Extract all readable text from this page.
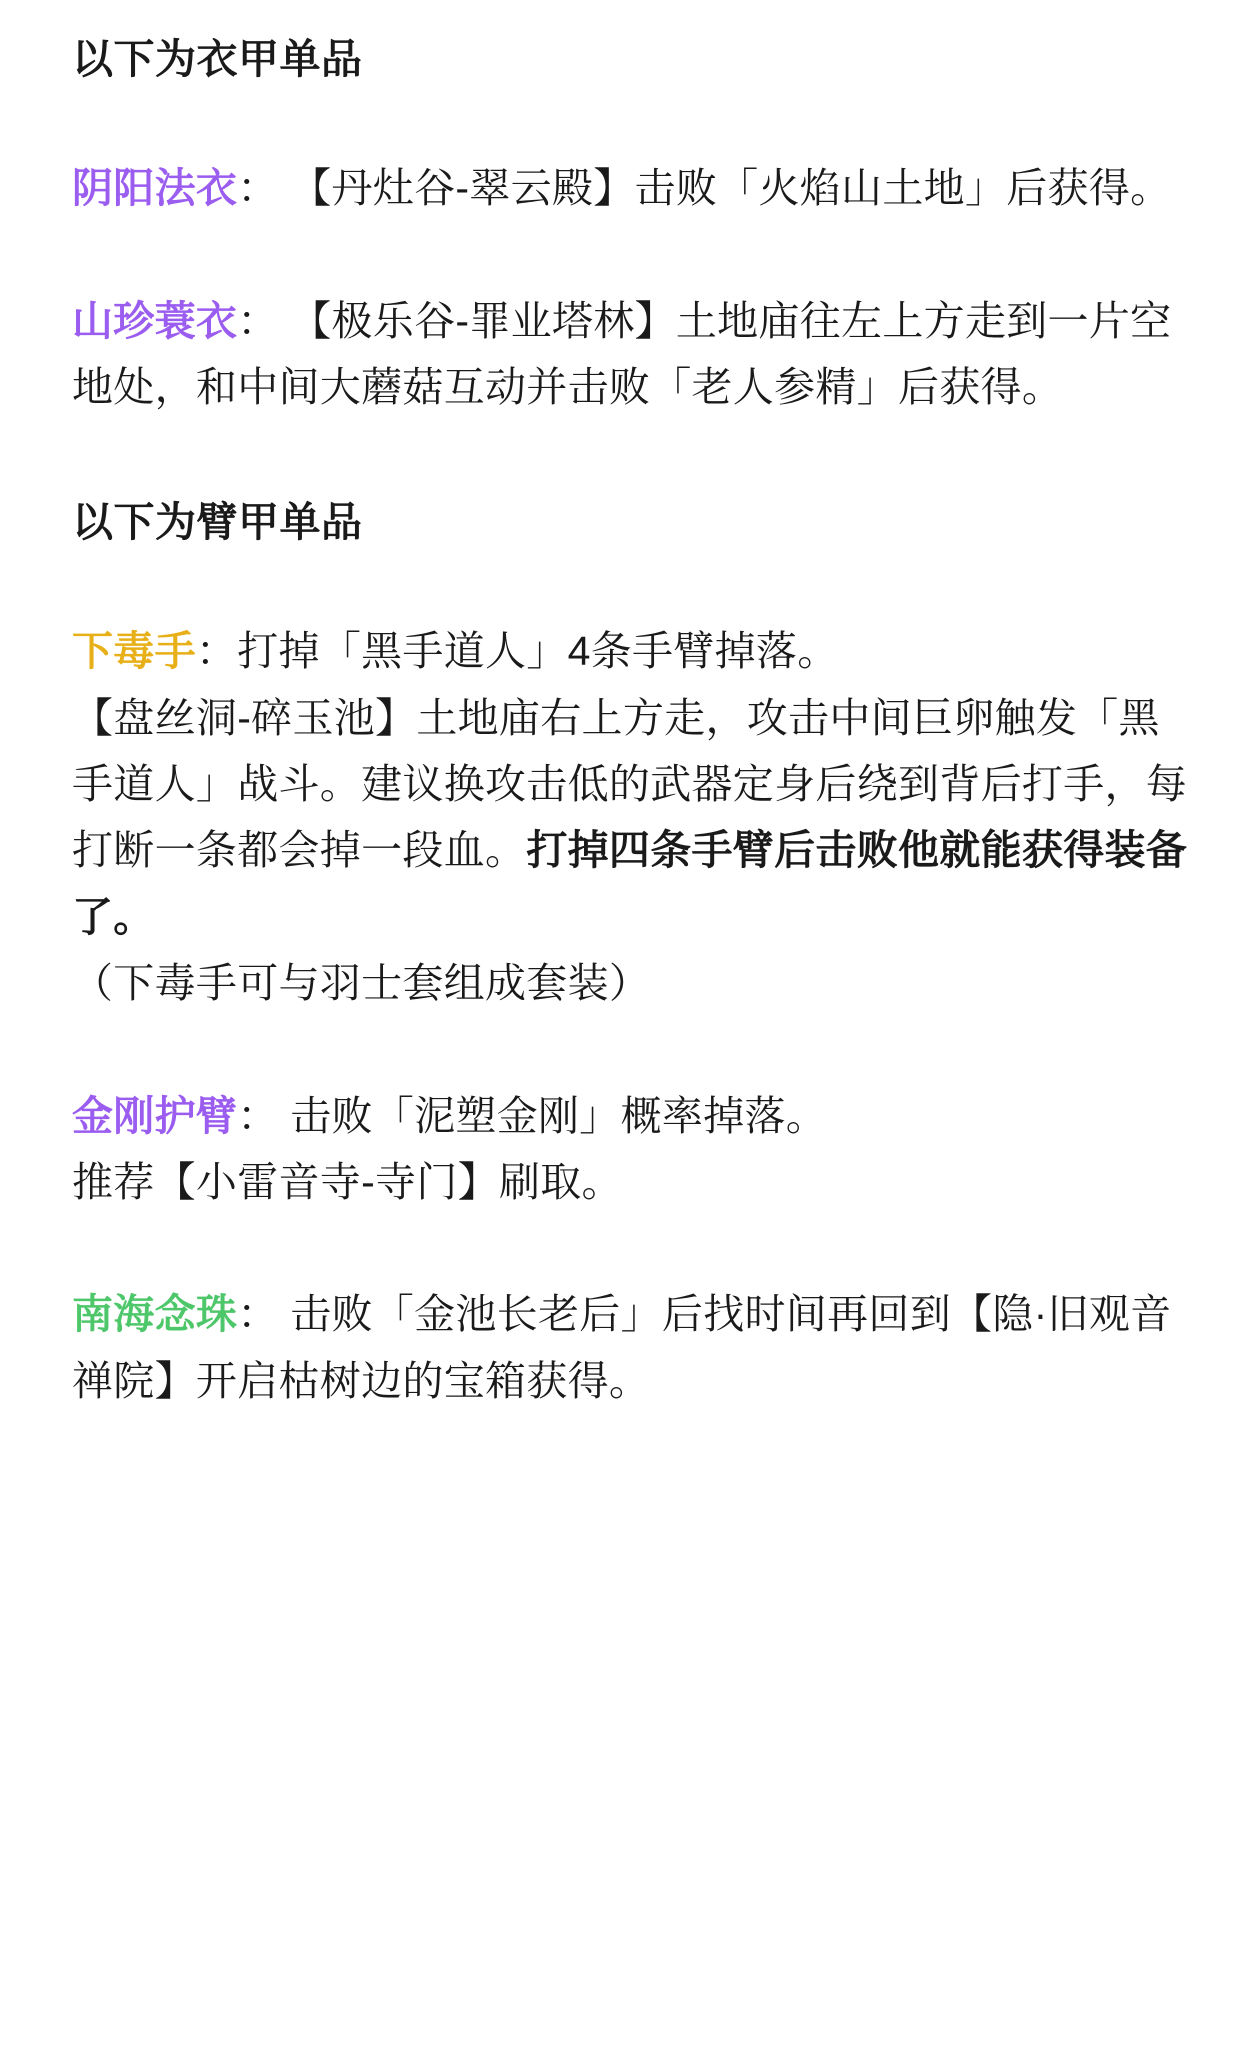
以下为衣甲单品

阴阳法衣： 【丹灶谷-翠云殿】击败「火焰山土地」后获得。

山珍蓑衣： 【极乐谷-罪业塔林】土地庙往左上方走到一片空地处，和中间大蘑菇互动并击败「老人参精」后获得。

以下为臂甲单品

下毒手：打掉「黑手道人」4条手臂掉落。

【盘丝洞-碎玉池】土地庙右上方走，攻击中间巨卵触发「黑手道人」战斗。建议换攻击低的武器定身后绕到背后打手，每打断一条都会掉一段血。打掉四条手臂后击败他就能获得装备了。

（下毒手可与羽士套组成套装）

金刚护臂： 击败「泥塑金刚」概率掉落。

推荐【小雷音寺-寺门】刷取。

南海念珠： 击败「金池长老后」后找时间再回到【隐·旧观音禅院】开启枯树边的宝箱获得。
